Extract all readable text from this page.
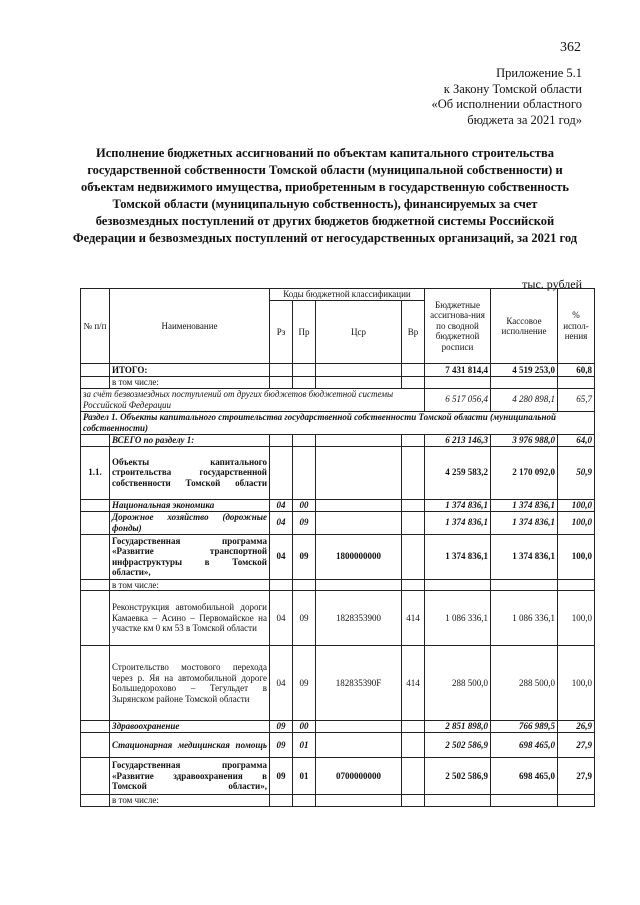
362
Приложение 5.1
к Закону Томской области
«Об исполнении областного
бюджета за 2021 год»
Исполнение бюджетных ассигнований по объектам капитального строительства государственной собственности Томской области (муниципальной собственности) и объектам недвижимого имущества, приобретенным в государственную собственность Томской области (муниципальную собственность), финансируемых за счет безвозмездных поступлений от других бюджетов бюджетной системы Российской Федерации и безвозмездных поступлений от негосударственных организаций, за 2021 год
тыс. рублей
№ п/п	Наименование	Коды бюджетной классификации				Бюджетные ассигнова-ния по сводной бюджетной росписи	Кассовое исполнение	% испол-нения
		Рз	Пр	Цср	Вр			
	ИТОГО:					7 431 814,4	4 519 253,0	60,8
	в том числе:							
за счёт безвозмездных поступлений от других бюджетов бюджетной системы Российской Федерации						6 517 056,4	4 280 898,1	65,7
Раздел 1. Объекты капитального строительства государственной собственности Томской области (муниципальной собственности)								
	ВСЕГО по разделу 1:					6 213 146,3	3 976 988,0	64,0
1.1.	Объекты капитального строительства государственной собственности Томской области					4 259 583,2	2 170 092,0	50,9
	Национальная экономика	04	00			1 374 836,1	1 374 836,1	100,0
	Дорожное хозяйство (дорожные фонды)	04	09			1 374 836,1	1 374 836,1	100,0
	Государственная программа «Развитие транспортной инфраструктуры в Томской области»,	04	09	1800000000		1 374 836,1	1 374 836,1	100,0
	в том числе:							
	Реконструкция автомобильной дороги Камаевка – Асино – Первомайское на участке км 0 км 53 в Томской области	04	09	1828353900	414	1 086 336,1	1 086 336,1	100,0
	Строительство мостового перехода через р. Яя на автомобильной дороге Большедорохово – Тегульдет в Зырянском районе Томской области	04	09	182835390F	414	288 500,0	288 500,0	100,0
	Здравоохранение	09	00			2 851 898,0	766 989,5	26,9
	Стационарная медицинская помощь	09	01			2 502 586,9	698 465,0	27,9
	Государственная программа «Развитие здравоохранения в Томской области»,	09	01	0700000000		2 502 586,9	698 465,0	27,9
	в том числе:							
